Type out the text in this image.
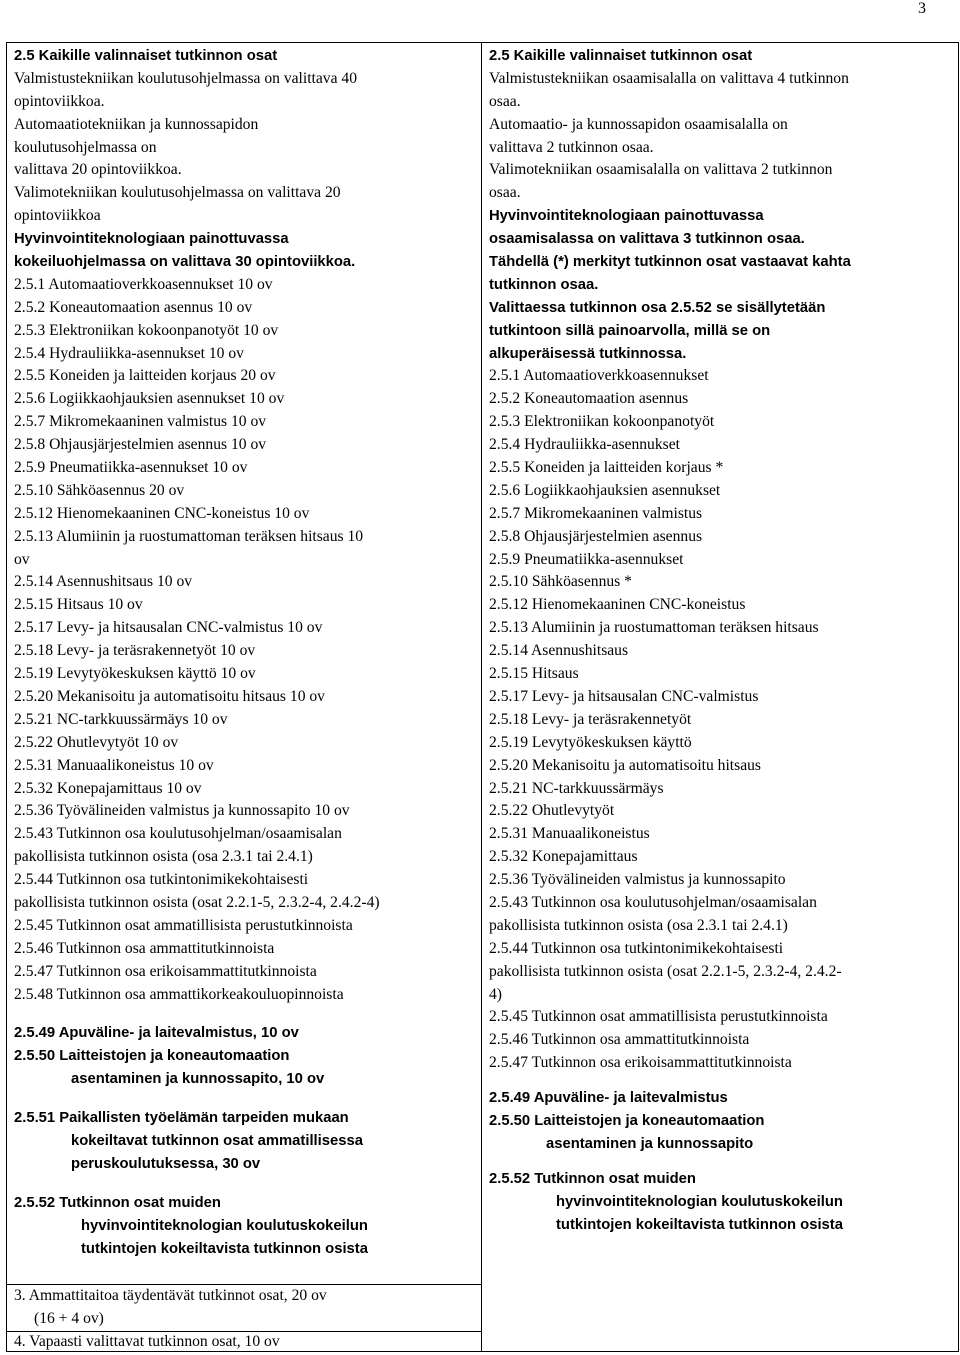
3
2.5 Kaikille valinnaiset tutkinnon osat
Valmistustekniikan koulutusohjelmassa on valittava 40
opintoviikkoa.
Automaatiotekniikan ja kunnossapidon
koulutusohjelmassa on
valittava 20 opintoviikkoa.
Valimotekniikan koulutusohjelmassa on valittava 20
opintoviikkoa
Hyvinvointiteknologiaan painottuvassa
kokeiluohjelmassa on valittava 30 opintoviikkoa.
2.5.1 Automaatioverkkoasennukset 10 ov
2.5.2 Koneautomaation asennus 10 ov
2.5.3 Elektroniikan kokoonpanotyöt 10 ov
2.5.4 Hydrauliikka-asennukset 10 ov
2.5.5 Koneiden ja laitteiden korjaus 20 ov
2.5.6 Logiikkaohjauksien asennukset 10 ov
2.5.7 Mikromekaaninen valmistus 10 ov
2.5.8 Ohjausjärjestelmien asennus 10 ov
2.5.9 Pneumatiikka-asennukset 10 ov
2.5.10 Sähköasennus 20 ov
2.5.12 Hienomekaaninen CNC-koneistus 10 ov
2.5.13 Alumiinin ja ruostumattoman teräksen hitsaus 10
ov
2.5.14 Asennushitsaus 10 ov
2.5.15 Hitsaus 10 ov
2.5.17 Levy- ja hitsausalan CNC-valmistus 10 ov
2.5.18 Levy- ja teräsrakennetyöt 10 ov
2.5.19 Levytyökeskuksen käyttö 10 ov
2.5.20 Mekanisoitu ja automatisoitu hitsaus 10 ov
2.5.21 NC-tarkkuussärmäys 10 ov
2.5.22 Ohutlevytyöt 10 ov
2.5.31 Manuaalikoneistus 10 ov
2.5.32 Konepajamittaus 10 ov
2.5.36 Työvälineiden valmistus ja kunnossapito 10 ov
2.5.43 Tutkinnon osa koulutusohjelman/osaamisalan
pakollisista tutkinnon osista (osa 2.3.1 tai 2.4.1)
2.5.44 Tutkinnon osa tutkintonimikekohtaisesti
pakollisista tutkinnon osista (osat 2.2.1-5, 2.3.2-4, 2.4.2-4)
2.5.45 Tutkinnon osat ammatillisista perustutkinnoista
2.5.46 Tutkinnon osa ammattitutkinnoista
2.5.47 Tutkinnon osa erikoisammattitutkinnoista
2.5.48 Tutkinnon osa ammattikorkeakouluopinnoista
2.5.49 Apuväline- ja laitevalmistus, 10 ov
2.5.50 Laitteistojen ja koneautomaation
asentaminen ja kunnossapito, 10 ov
2.5.51 Paikallisten työelämän tarpeiden mukaan
kokeiltavat tutkinnon osat ammatillisessa
peruskoulutuksessa, 30 ov
2.5.52 Tutkinnon osat muiden
hyvinvointiteknologian koulutuskokeilun
tutkintojen kokeiltavista tutkinnon osista
3. Ammattitaitoa täydentävät tutkinnot osat, 20 ov
(16 + 4 ov)
4. Vapaasti valittavat tutkinnon osat, 10 ov
2.5 Kaikille valinnaiset tutkinnon osat
Valmistustekniikan osaamisalalla on valittava 4 tutkinnon
osaa.
Automaatio- ja kunnossapidon osaamisalalla on
valittava 2 tutkinnon osaa.
Valimotekniikan osaamisalalla on valittava 2 tutkinnon
osaa.
Hyvinvointiteknologiaan painottuvassa
osaamisalassa on valittava 3 tutkinnon osaa.
Tähdellä (*) merkityt tutkinnon osat vastaavat kahta
tutkinnon osaa.
Valittaessa tutkinnon osa 2.5.52 se sisällytetään
tutkintoon sillä painoarvolla, millä se on
alkuperäisessä tutkinnossa.
2.5.1 Automaatioverkkoasennukset
2.5.2 Koneautomaation asennus
2.5.3 Elektroniikan kokoonpanotyöt
2.5.4 Hydrauliikka-asennukset
2.5.5 Koneiden ja laitteiden korjaus *
2.5.6 Logiikkaohjauksien asennukset
2.5.7 Mikromekaaninen valmistus
2.5.8 Ohjausjärjestelmien asennus
2.5.9 Pneumatiikka-asennukset
2.5.10 Sähköasennus *
2.5.12 Hienomekaaninen CNC-koneistus
2.5.13 Alumiinin ja ruostumattoman teräksen hitsaus
2.5.14 Asennushitsaus
2.5.15 Hitsaus
2.5.17 Levy- ja hitsausalan CNC-valmistus
2.5.18 Levy- ja teräsrakennetyöt
2.5.19 Levytyökeskuksen käyttö
2.5.20 Mekanisoitu ja automatisoitu hitsaus
2.5.21 NC-tarkkuussärmäys
2.5.22 Ohutlevytyöt
2.5.31 Manuaalikoneistus
2.5.32 Konepajamittaus
2.5.36 Työvälineiden valmistus ja kunnossapito
2.5.43 Tutkinnon osa koulutusohjelman/osaamisalan
pakollisista tutkinnon osista (osa 2.3.1 tai 2.4.1)
2.5.44 Tutkinnon osa tutkintonimikekohtaisesti
pakollisista tutkinnon osista (osat 2.2.1-5, 2.3.2-4, 2.4.2-
4)
2.5.45 Tutkinnon osat ammatillisista perustutkinnoista
2.5.46 Tutkinnon osa ammattitutkinnoista
2.5.47 Tutkinnon osa erikoisammattitutkinnoista
2.5.49 Apuväline- ja laitevalmistus
2.5.50 Laitteistojen ja koneautomaation
asentaminen ja kunnossapito
2.5.52 Tutkinnon osat muiden
hyvinvointiteknologian koulutuskokeilun
tutkintojen kokeiltavista tutkinnon osista
